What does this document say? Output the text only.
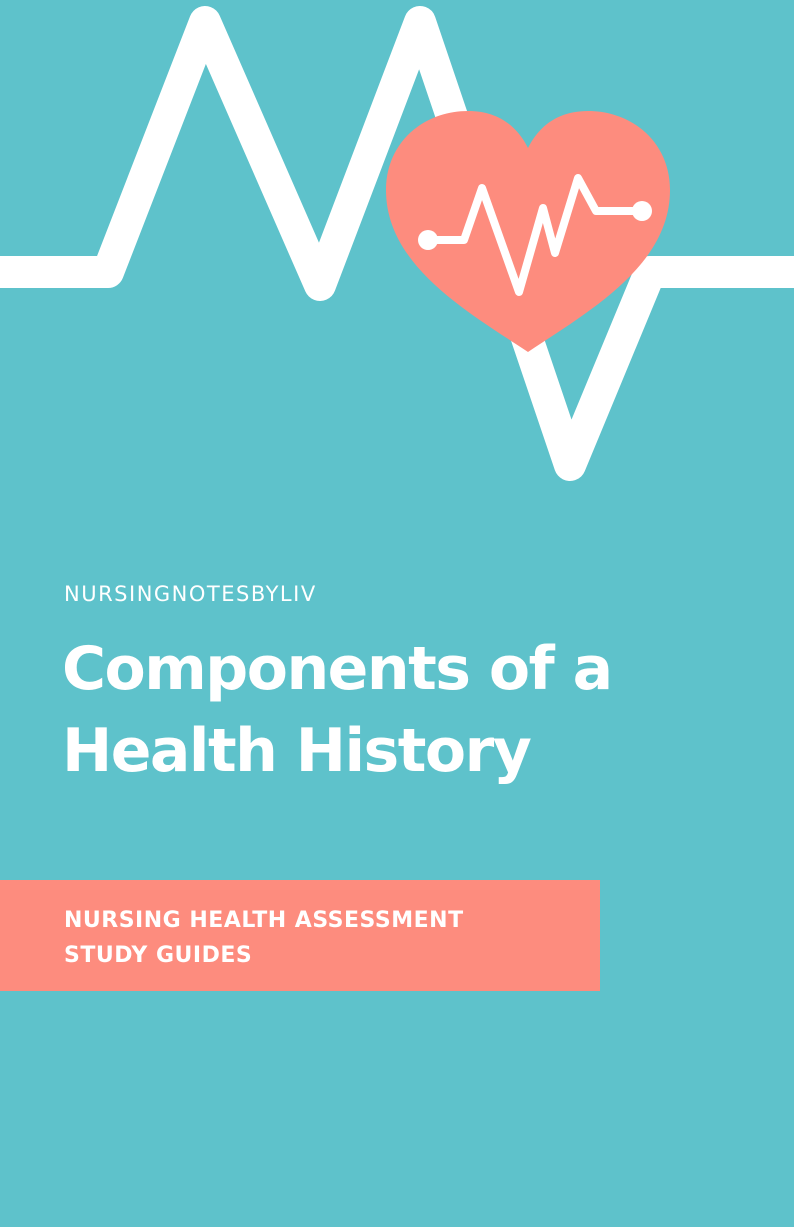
NURSINGNOTESBYLIV

Components of a
Health History

NURSING HEALTH ASSESSMENT
STUDY GUIDES
